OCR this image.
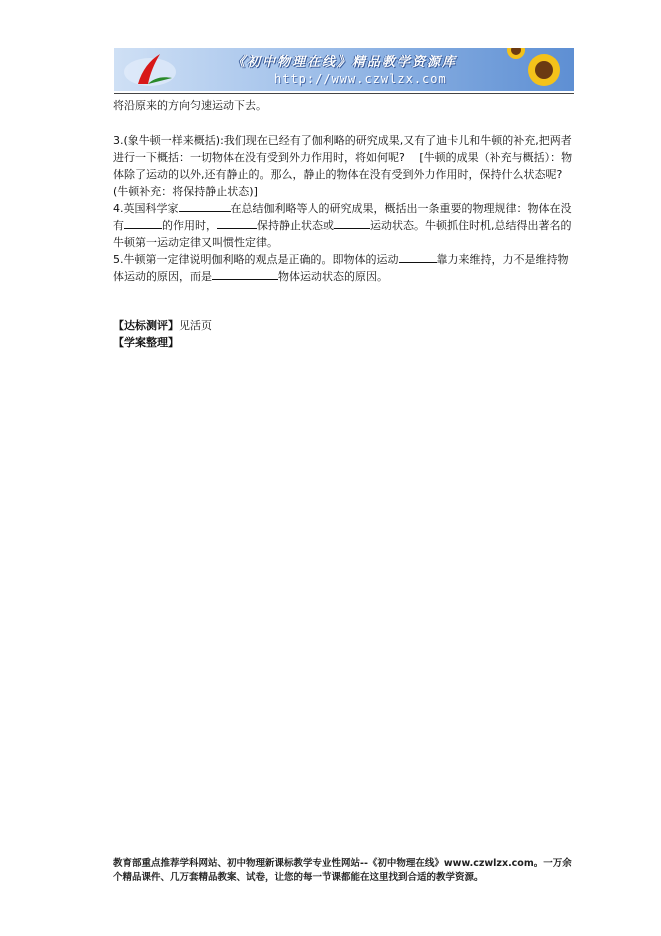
《初中物理在线》精品教学资源库
http://www.czwlzx.com

将沿原来的方向匀速运动下去。

3.(象牛顿一样来概括):我们现在已经有了伽利略的研究成果,又有了迪卡儿和牛顿的补充,把两者进行一下概括：一切物体在没有受到外力作用时，将如何呢?　 [牛顿的成果（补充与概括）：物体除了运动的以外,还有静止的。那么，静止的物体在没有受到外力作用时，保持什么状态呢?(牛顿补充：将保持静止状态)]

4.英国科学家	在总结伽利略等人的研究成果，概括出一条重要的物理规律：物体在没有	的作用时，	保持静止状态或	运动状态。牛顿抓住时机,总结得出著名的牛顿第一运动定律又叫惯性定律。

5.牛顿第一定律说明伽利略的观点是正确的。即物体的运动	靠力来维持，力不是维持物体运动的原因，而是	物体运动状态的原因。

【达标测评】见活页

【学案整理】

教育部重点推荐学科网站、初中物理新课标教学专业性网站--《初中物理在线》www.czwlzx.com。一万余个精品课件、几万套精品教案、试卷，让您的每一节课都能在这里找到合适的教学资源。
